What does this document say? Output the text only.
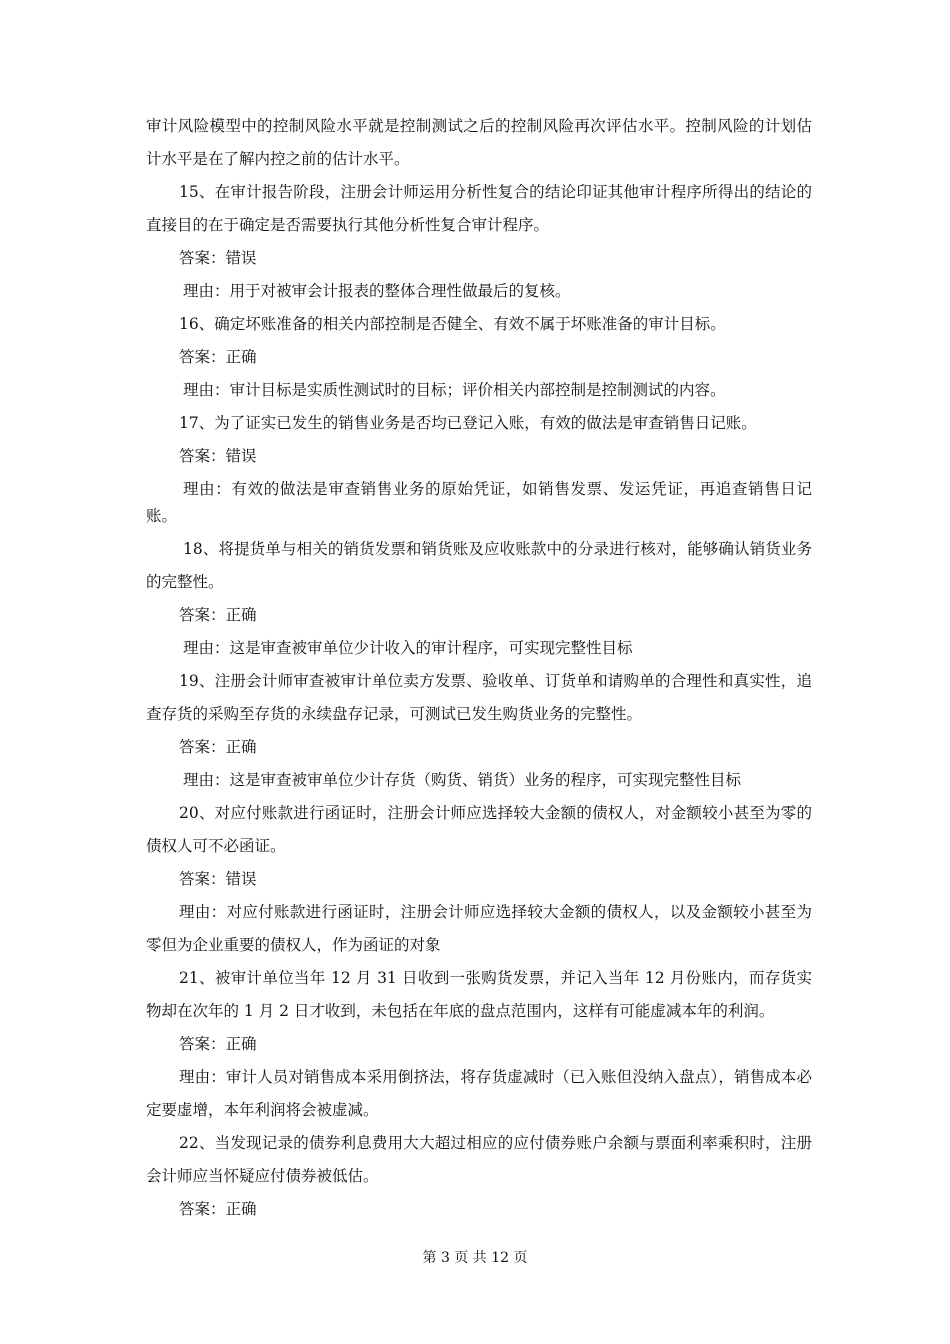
审计风险模型中的控制风险水平就是控制测试之后的控制风险再次评估水平。控制风险的计划估计水平是在了解内控之前的估计水平。

15、在审计报告阶段，注册会计师运用分析性复合的结论印证其他审计程序所得出的结论的直接目的在于确定是否需要执行其他分析性复合审计程序。

答案：错误

理由：用于对被审会计报表的整体合理性做最后的复核。

16、确定坏账准备的相关内部控制是否健全、有效不属于坏账准备的审计目标。

答案：正确

理由：审计目标是实质性测试时的目标；评价相关内部控制是控制测试的内容。

17、为了证实已发生的销售业务是否均已登记入账，有效的做法是审查销售日记账。

答案：错误

理由：有效的做法是审查销售业务的原始凭证，如销售发票、发运凭证，再追查销售日记账。

18、将提货单与相关的销货发票和销货账及应收账款中的分录进行核对，能够确认销货业务的完整性。

答案：正确

理由：这是审查被审单位少计收入的审计程序，可实现完整性目标

19、注册会计师审查被审计单位卖方发票、验收单、订货单和请购单的合理性和真实性，追查存货的采购至存货的永续盘存记录，可测试已发生购货业务的完整性。

答案：正确

理由：这是审查被审单位少计存货（购货、销货）业务的程序，可实现完整性目标

20、对应付账款进行函证时，注册会计师应选择较大金额的债权人，对金额较小甚至为零的债权人可不必函证。

答案：错误

理由：对应付账款进行函证时，注册会计师应选择较大金额的债权人，以及金额较小甚至为零但为企业重要的债权人，作为函证的对象

21、被审计单位当年 12 月 31 日收到一张购货发票，并记入当年 12 月份账内，而存货实物却在次年的 1 月 2 日才收到，未包括在年底的盘点范围内，这样有可能虚减本年的利润。

答案：正确

理由：审计人员对销售成本采用倒挤法，将存货虚减时（已入账但没纳入盘点），销售成本必定要虚增，本年利润将会被虚减。

22、当发现记录的债券利息费用大大超过相应的应付债券账户余额与票面利率乘积时，注册会计师应当怀疑应付债券被低估。

答案：正确

第 3 页 共 12 页
